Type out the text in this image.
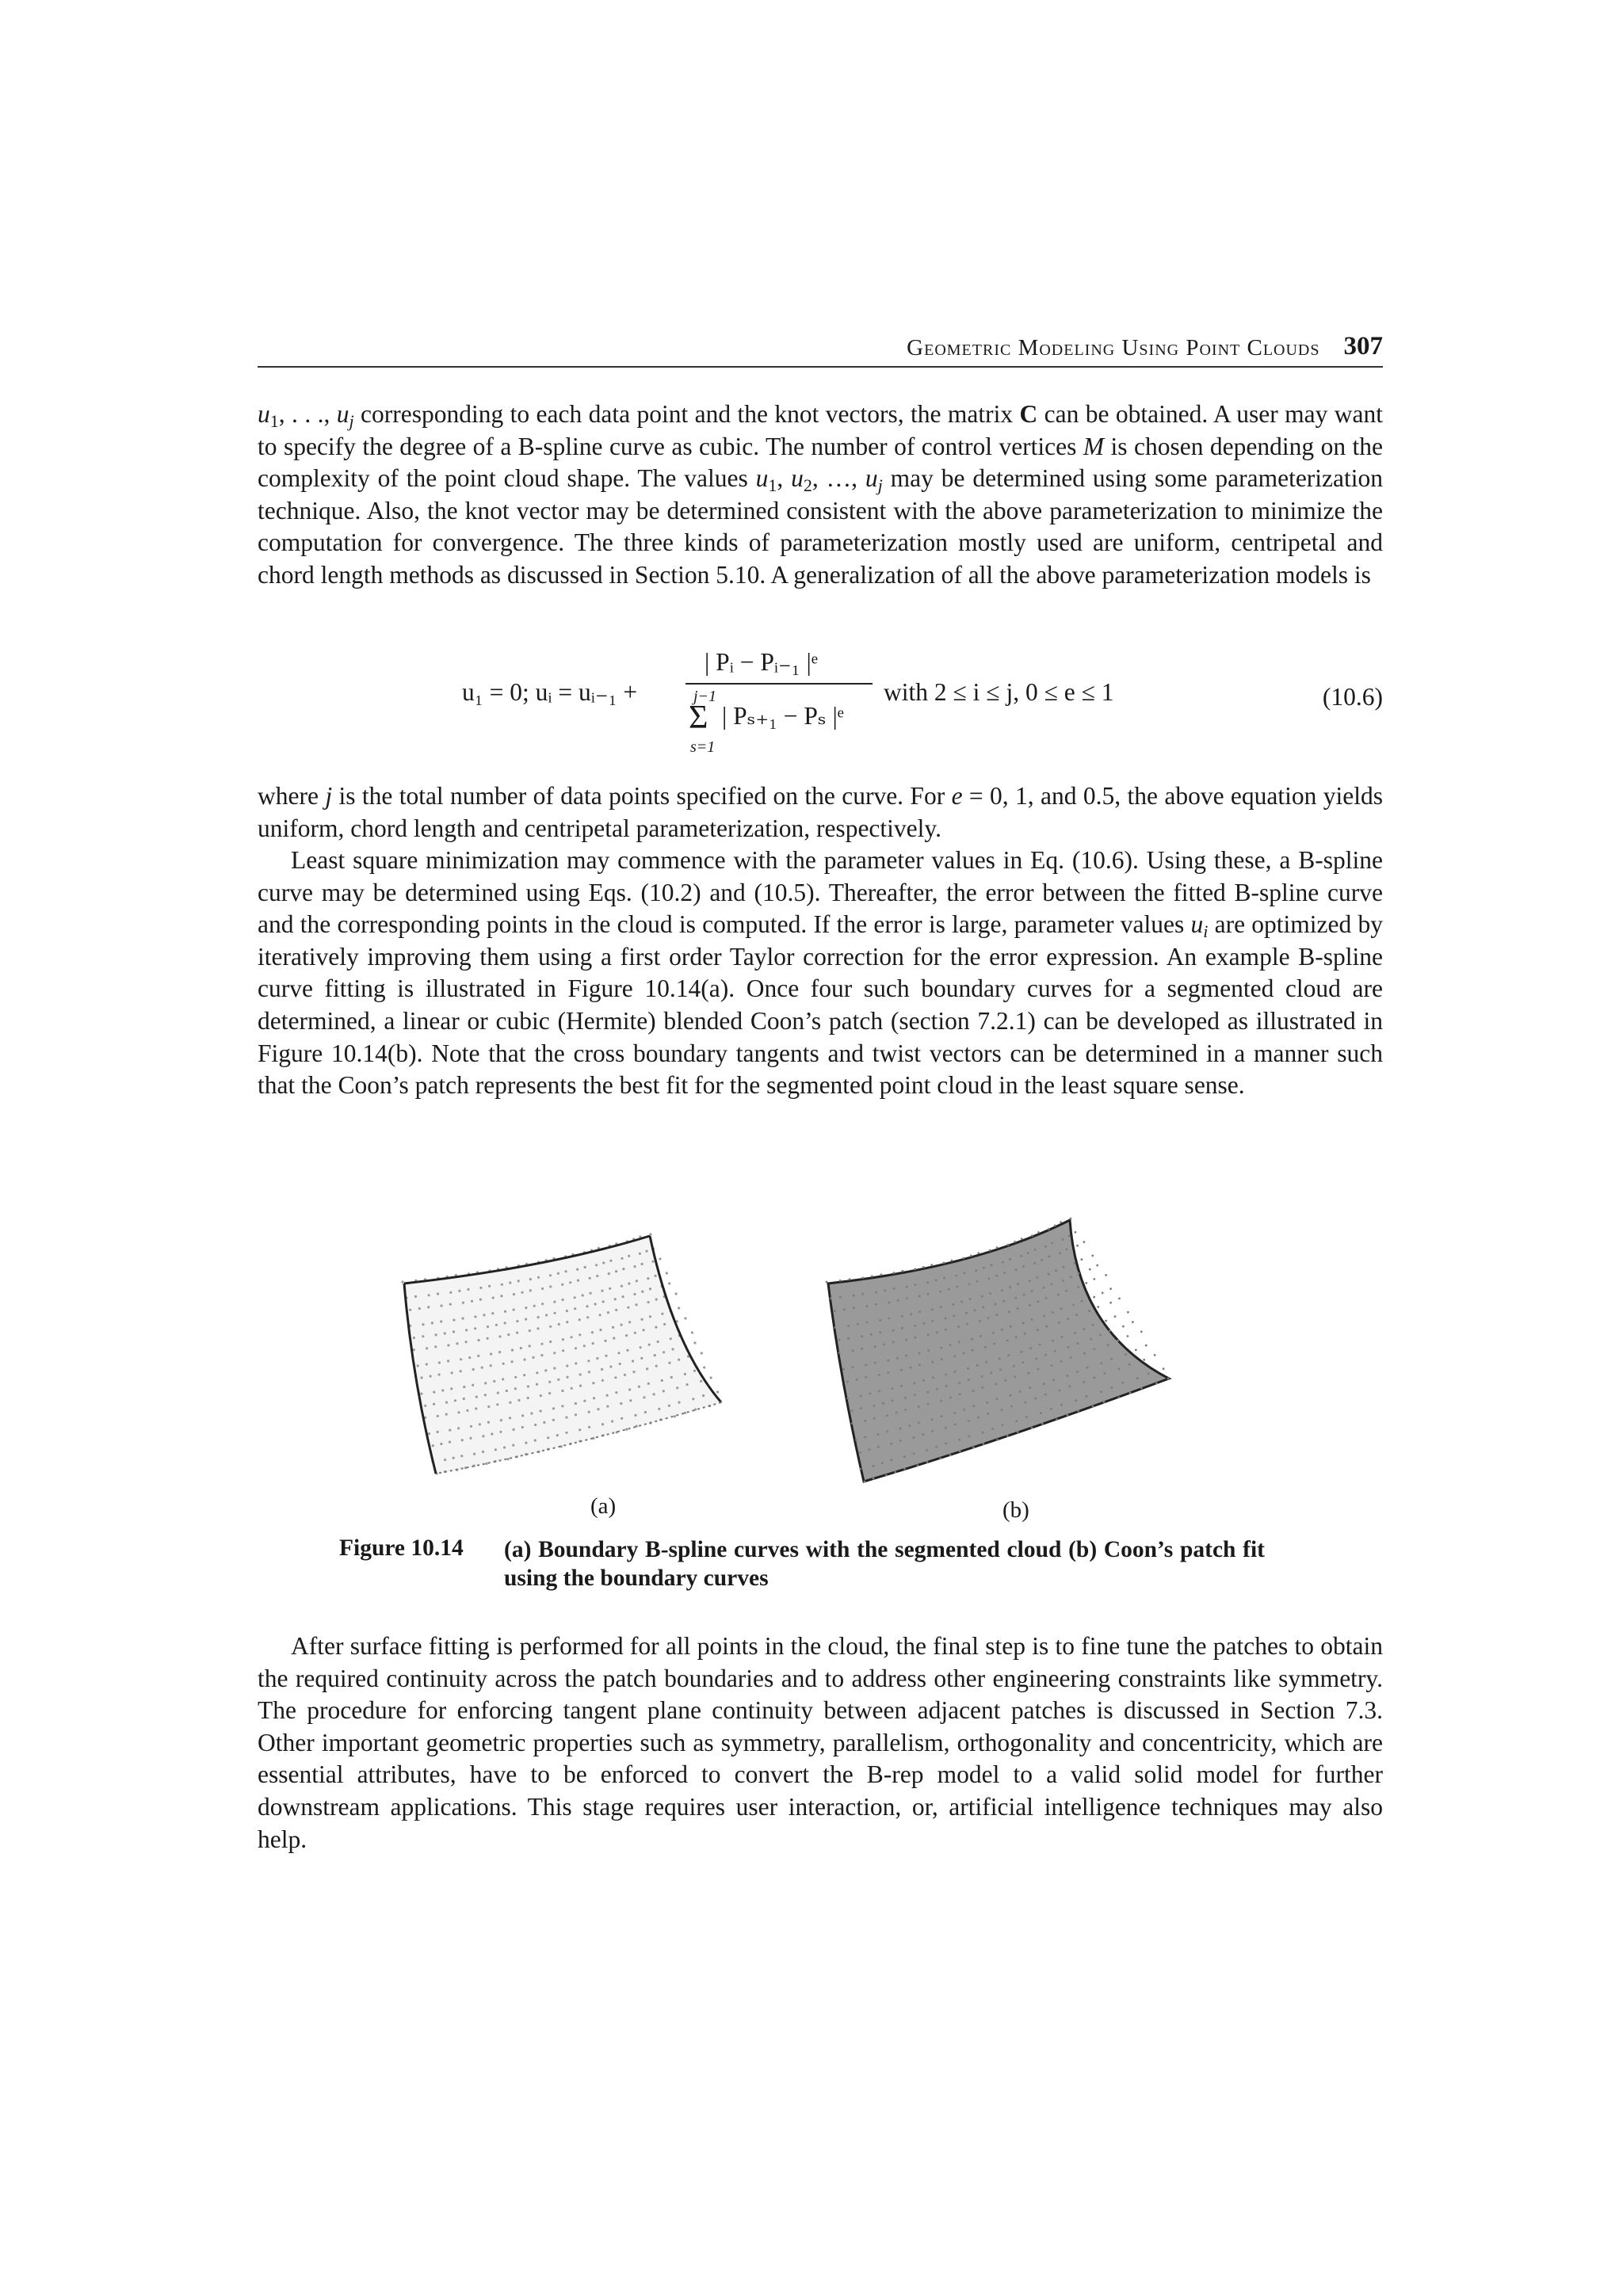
Geometric Modeling Using Point Clouds 307

$u_1$, . . ., $u_j$ corresponding to each data point and the knot vectors, the matrix C can be obtained. A user may want to specify the degree of a B-spline curve as cubic. The number of control vertices M is chosen depending on the complexity of the point cloud shape. The values $u_1$, $u_2$, …, $u_j$ may be determined using some parameterization technique. Also, the knot vector may be determined consistent with the above parameterization to minimize the computation for convergence. The three kinds of parameterization mostly used are uniform, centripetal and chord length methods as discussed in Section 5.10. A generalization of all the above parameterization models is

u₁ = 0; uᵢ = uᵢ₋₁ +
| Pᵢ − Pᵢ₋₁ |ᵉ
j−1
Σ
s=1
| Pₛ₊₁ − Pₛ |ᵉ
with 2 ≤ i ≤ j, 0 ≤ e ≤ 1	(10.6)

where j is the total number of data points specified on the curve. For e = 0, 1, and 0.5, the above equation yields uniform, chord length and centripetal parameterization, respectively.

Least square minimization may commence with the parameter values in Eq. (10.6). Using these, a B-spline curve may be determined using Eqs. (10.2) and (10.5). Thereafter, the error between the fitted B-spline curve and the corresponding points in the cloud is computed. If the error is large, parameter values $u_i$ are optimized by iteratively improving them using a first order Taylor correction for the error expression. An example B-spline curve fitting is illustrated in Figure 10.14(a). Once four such boundary curves for a segmented cloud are determined, a linear or cubic (Hermite) blended Coon’s patch (section 7.2.1) can be developed as illustrated in Figure 10.14(b). Note that the cross boundary tangents and twist vectors can be determined in a manner such that the Coon’s patch represents the best fit for the segmented point cloud in the least square sense.

(a)	(b)
Figure 10.14 (a) Boundary B-spline curves with the segmented cloud (b) Coon’s patch fit using the boundary curves

After surface fitting is performed for all points in the cloud, the final step is to fine tune the patches to obtain the required continuity across the patch boundaries and to address other engineering constraints like symmetry. The procedure for enforcing tangent plane continuity between adjacent patches is discussed in Section 7.3. Other important geometric properties such as symmetry, parallelism, orthogonality and concentricity, which are essential attributes, have to be enforced to convert the B-rep model to a valid solid model for further downstream applications. This stage requires user interaction, or, artificial intelligence techniques may also help.
